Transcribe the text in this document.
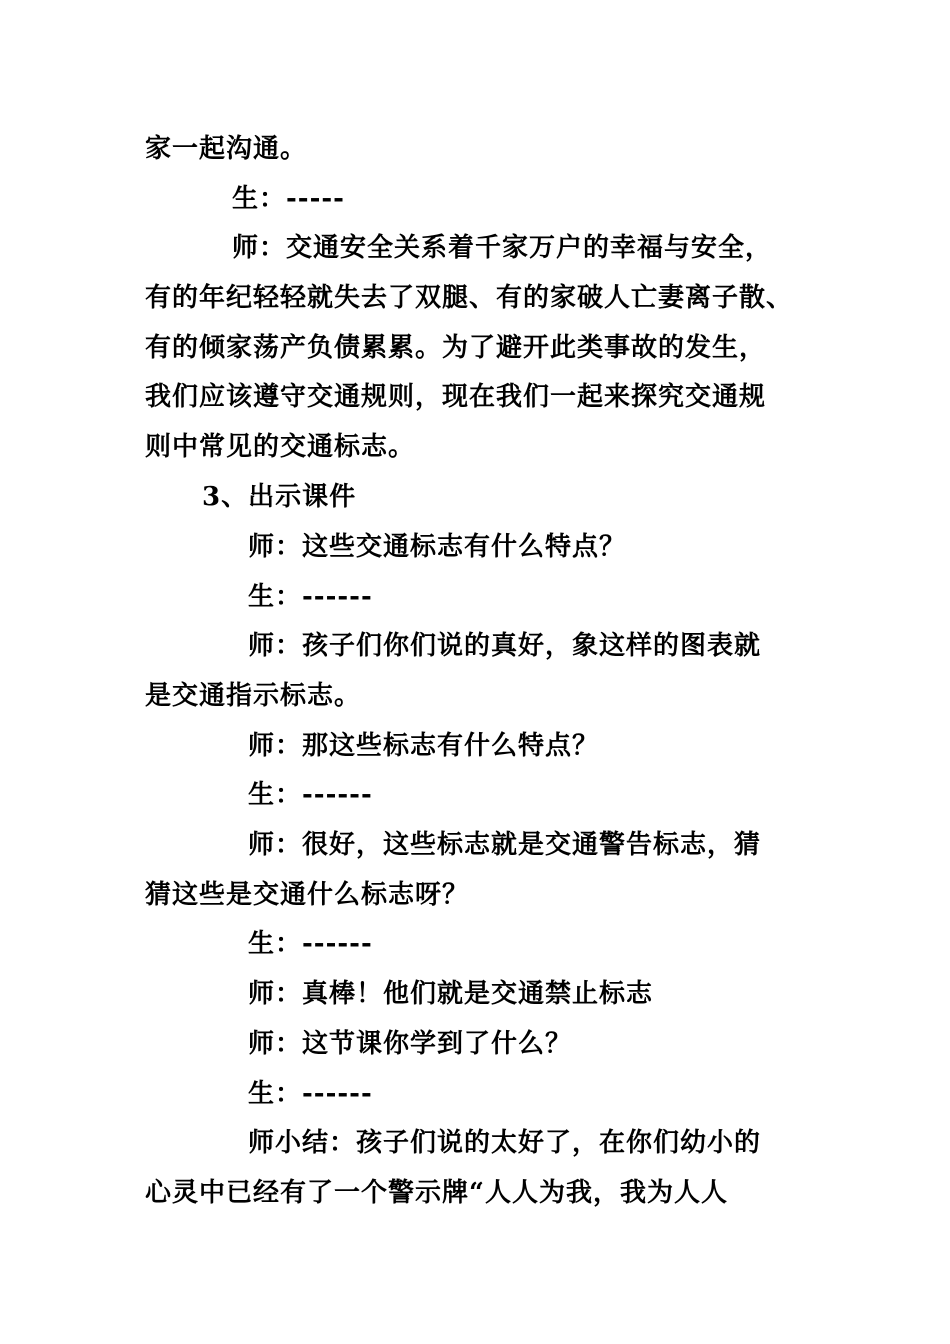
家一起沟通。
生：-----
师：交通安全关系着千家万户的幸福与安全，
有的年纪轻轻就失去了双腿、有的家破人亡妻离子散、
有的倾家荡产负债累累。为了避开此类事故的发生，
我们应该遵守交通规则，现在我们一起来探究交通规
则中常见的交通标志。
3、出示课件
师：这些交通标志有什么特点？
生：------
师：孩子们你们说的真好，象这样的图表就
是交通指示标志。
师：那这些标志有什么特点？
生：------
师：很好，这些标志就是交通警告标志，猜
猜这些是交通什么标志呀？
生：------
师：真棒！他们就是交通禁止标志
师：这节课你学到了什么？
生：------
师小结：孩子们说的太好了，在你们幼小的
心灵中已经有了一个警示牌“人人为我，我为人人
